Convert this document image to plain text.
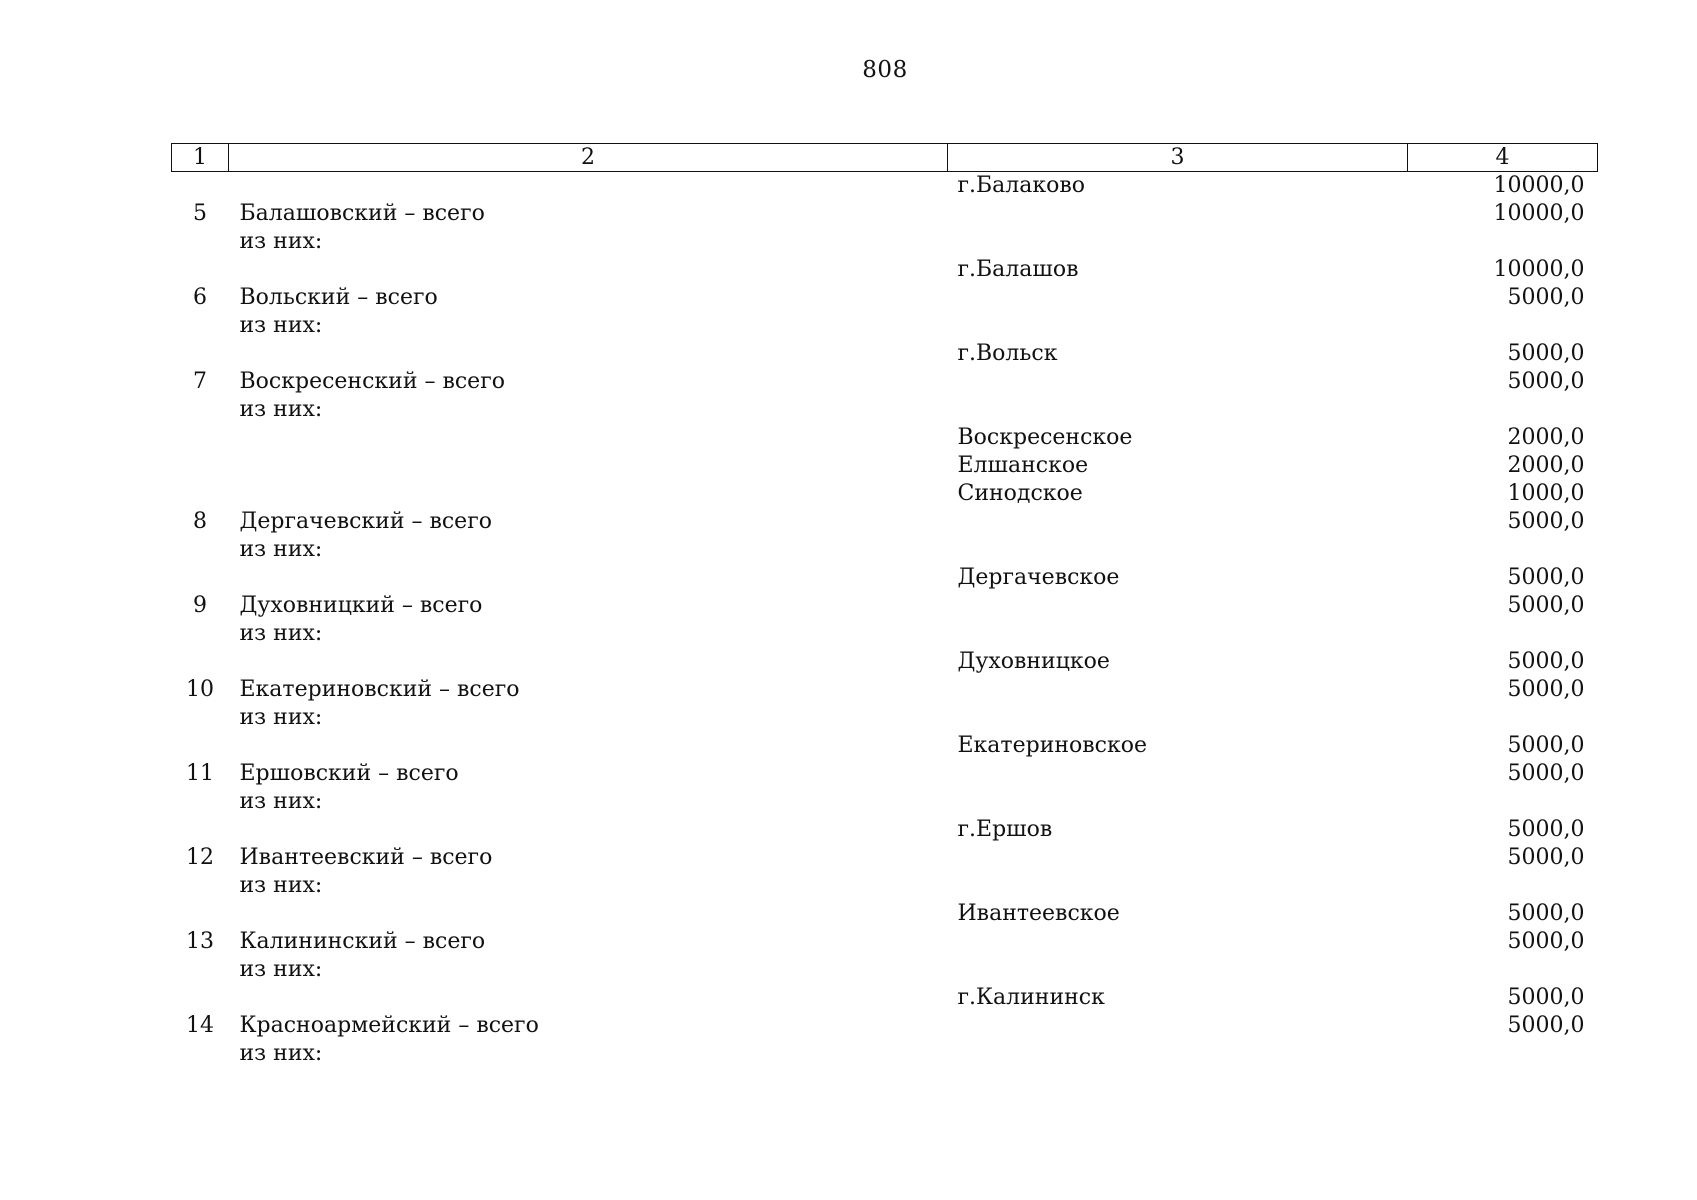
808
1	2	3	4
		г.Балаково	10000,0
5	Балашовский – всего		10000,0
	из них:		
		г.Балашов	10000,0
6	Вольский – всего		5000,0
	из них:		
		г.Вольск	5000,0
7	Воскресенский – всего		5000,0
	из них:		
		Воскресенское	2000,0
		Елшанское	2000,0
		Синодское	1000,0
8	Дергачевский – всего		5000,0
	из них:		
		Дергачевское	5000,0
9	Духовницкий – всего		5000,0
	из них:		
		Духовницкое	5000,0
10	Екатериновский – всего		5000,0
	из них:		
		Екатериновское	5000,0
11	Ершовский – всего		5000,0
	из них:		
		г.Ершов	5000,0
12	Ивантеевский – всего		5000,0
	из них:		
		Ивантеевское	5000,0
13	Калининский – всего		5000,0
	из них:		
		г.Калининск	5000,0
14	Красноармейский – всего		5000,0
	из них:		
